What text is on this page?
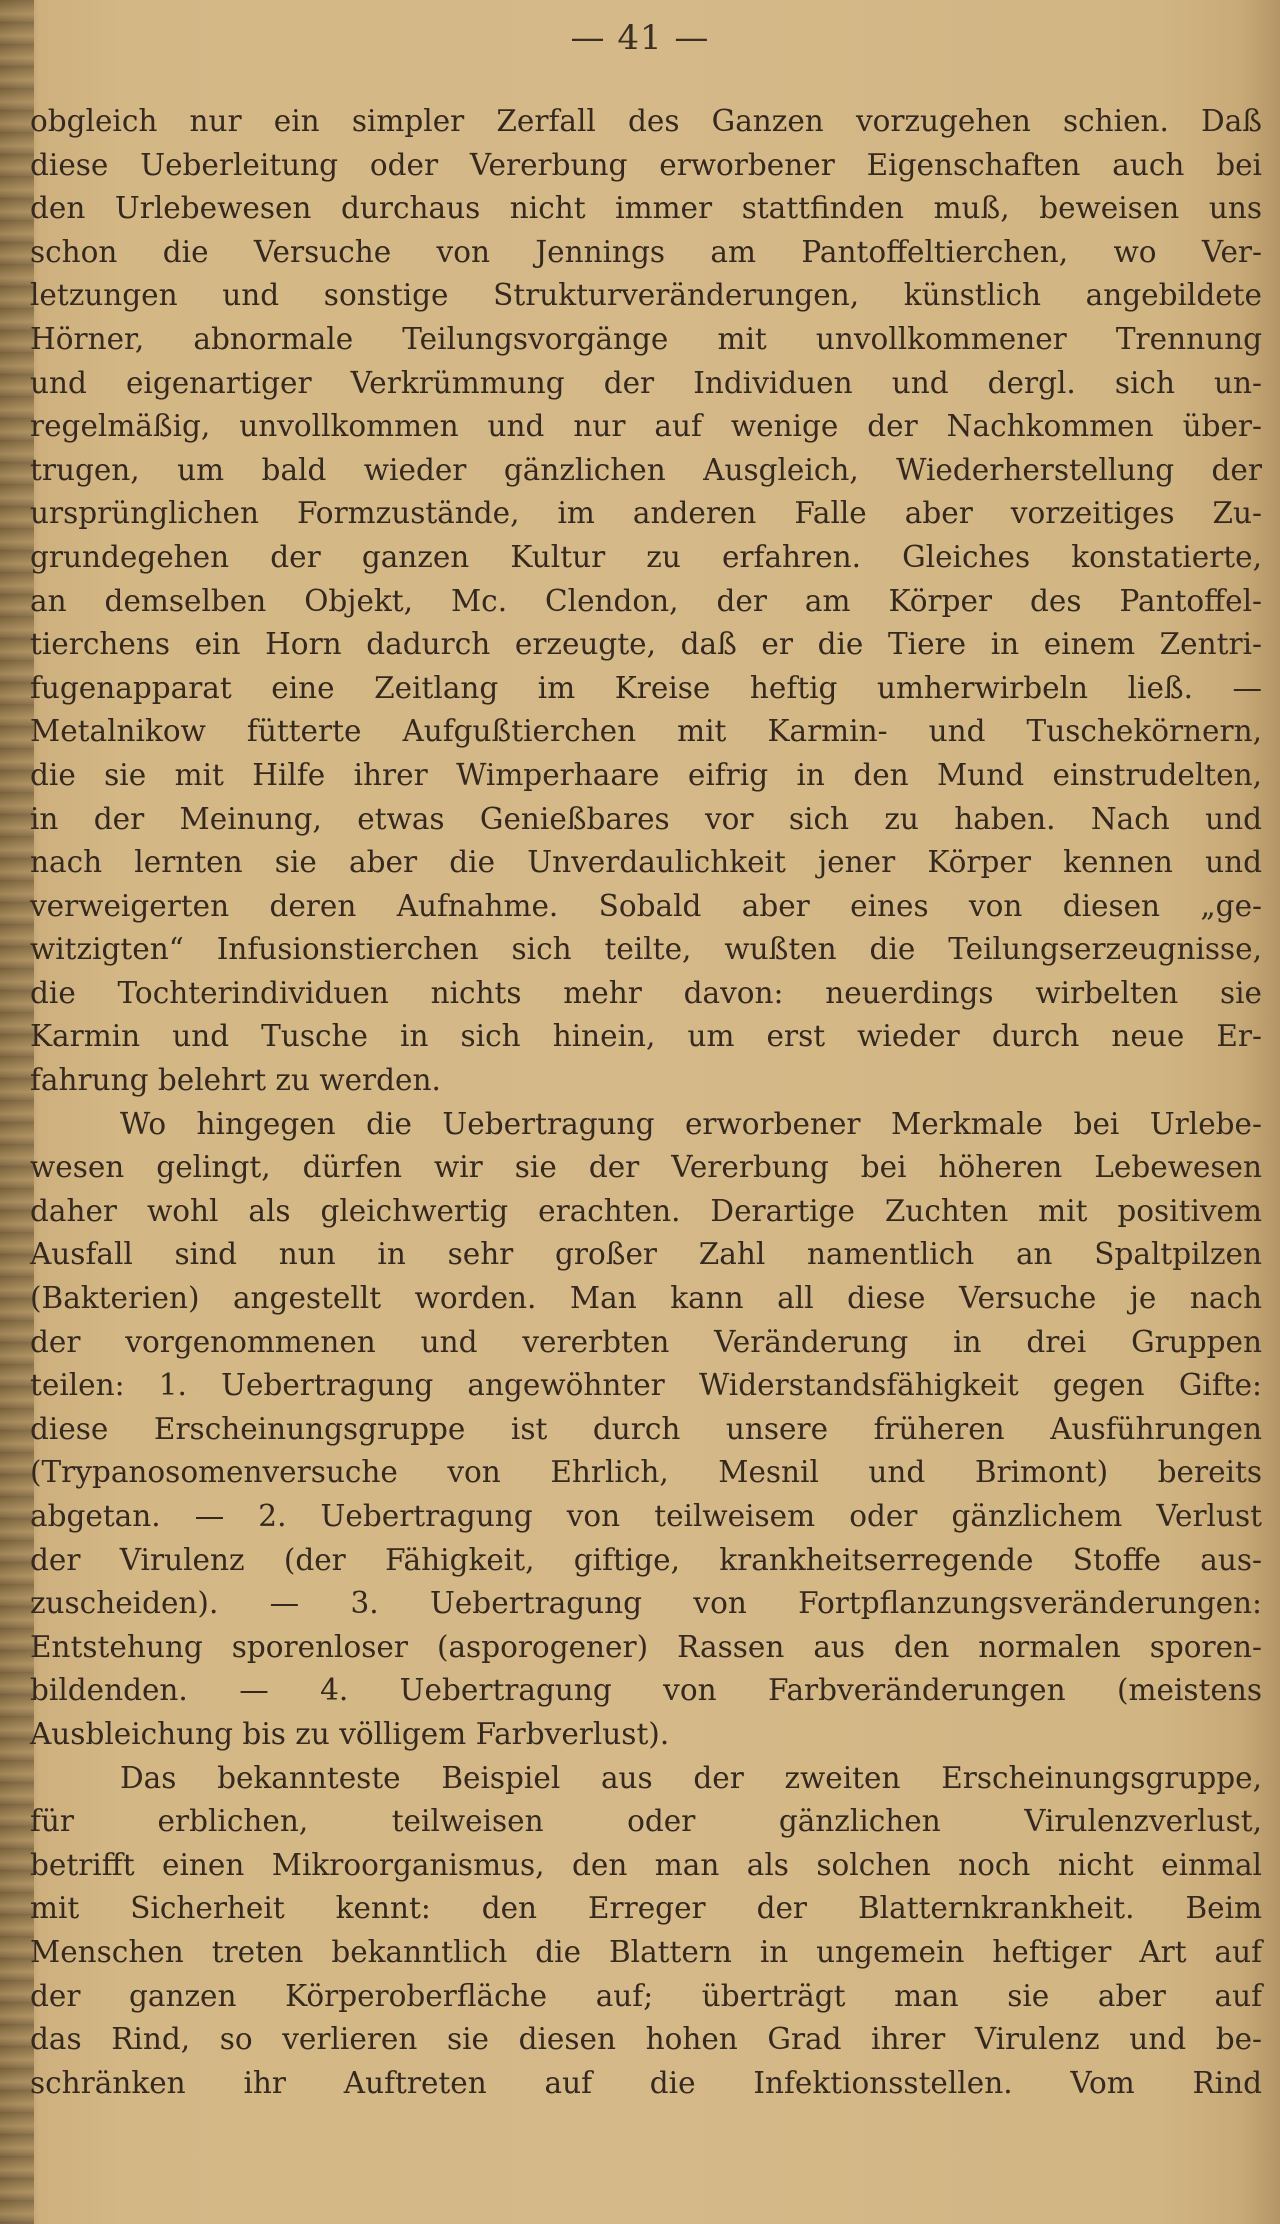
— 41 —
obgleich nur ein simpler Zerfall des Ganzen vorzugehen schien. Daß
diese Ueberleitung oder Vererbung erworbener Eigenschaften auch bei
den Urlebewesen durchaus nicht immer stattfinden muß, beweisen uns
schon die Versuche von Jennings am Pantoffeltierchen, wo Ver-
letzungen und sonstige Strukturveränderungen, künstlich angebildete
Hörner, abnormale Teilungsvorgänge mit unvollkommener Trennung
und eigenartiger Verkrümmung der Individuen und dergl. sich un-
regelmäßig, unvollkommen und nur auf wenige der Nachkommen über-
trugen, um bald wieder gänzlichen Ausgleich, Wiederherstellung der
ursprünglichen Formzustände, im anderen Falle aber vorzeitiges Zu-
grundegehen der ganzen Kultur zu erfahren. Gleiches konstatierte,
an demselben Objekt, Mc. Clendon, der am Körper des Pantoffel-
tierchens ein Horn dadurch erzeugte, daß er die Tiere in einem Zentri-
fugenapparat eine Zeitlang im Kreise heftig umherwirbeln ließ. —
Metalnikow fütterte Aufgußtierchen mit Karmin- und Tuschekörnern,
die sie mit Hilfe ihrer Wimperhaare eifrig in den Mund einstrudelten,
in der Meinung, etwas Genießbares vor sich zu haben. Nach und
nach lernten sie aber die Unverdaulichkeit jener Körper kennen und
verweigerten deren Aufnahme. Sobald aber eines von diesen „ge-
witzigten“ Infusionstierchen sich teilte, wußten die Teilungserzeugnisse,
die Tochterindividuen nichts mehr davon: neuerdings wirbelten sie
Karmin und Tusche in sich hinein, um erst wieder durch neue Er-
fahrung belehrt zu werden.
Wo hingegen die Uebertragung erworbener Merkmale bei Urlebe-
wesen gelingt, dürfen wir sie der Vererbung bei höheren Lebewesen
daher wohl als gleichwertig erachten. Derartige Zuchten mit positivem
Ausfall sind nun in sehr großer Zahl namentlich an Spaltpilzen
(Bakterien) angestellt worden. Man kann all diese Versuche je nach
der vorgenommenen und vererbten Veränderung in drei Gruppen
teilen: 1. Uebertragung angewöhnter Widerstandsfähigkeit gegen Gifte:
diese Erscheinungsgruppe ist durch unsere früheren Ausführungen
(Trypanosomenversuche von Ehrlich, Mesnil und Brimont) bereits
abgetan. — 2. Uebertragung von teilweisem oder gänzlichem Verlust
der Virulenz (der Fähigkeit, giftige, krankheitserregende Stoffe aus-
zuscheiden). — 3. Uebertragung von Fortpflanzungsveränderungen:
Entstehung sporenloser (asporogener) Rassen aus den normalen sporen-
bildenden. — 4. Uebertragung von Farbveränderungen (meistens
Ausbleichung bis zu völligem Farbverlust).
Das bekannteste Beispiel aus der zweiten Erscheinungsgruppe,
für erblichen, teilweisen oder gänzlichen Virulenzverlust,
betrifft einen Mikroorganismus, den man als solchen noch nicht einmal
mit Sicherheit kennt: den Erreger der Blatternkrankheit. Beim
Menschen treten bekanntlich die Blattern in ungemein heftiger Art auf
der ganzen Körperoberfläche auf; überträgt man sie aber auf
das Rind, so verlieren sie diesen hohen Grad ihrer Virulenz und be-
schränken ihr Auftreten auf die Infektionsstellen. Vom Rind
